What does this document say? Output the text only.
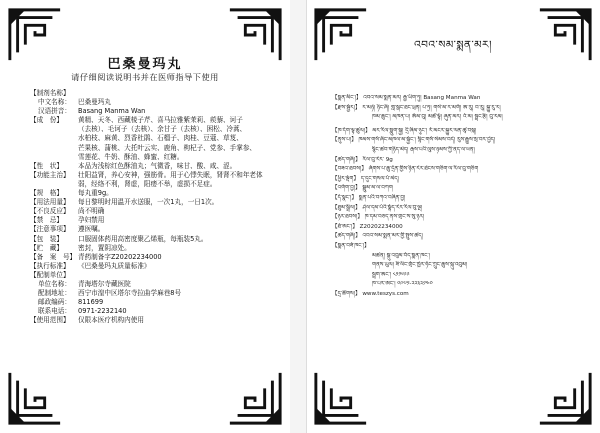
巴桑曼玛丸
请仔细阅读说明书并在医师指导下使用
【制剂名称】
中文名称：	巴桑曼玛丸
汉语拼音：	Basang Manma Wan
【成　份】	黄精、天冬、西藏棱子芹、喜马拉雅紫茉莉、蒺藜、诃子
（去核）、毛诃子（去核）、余甘子（去核）、困松、冷蒿、
水柏枝、麻黄、烈香杜鹃、石榴子、肉桂、豆蔻、草芨、
芒果核、蒲桃、大托叶云实、鹿角、枸杞子、党参、手掌参、
雪莲花、牛奶、酥油、蜂蜜、红糖。
【性　状】	本品为浅棕红色酥油丸；气微香，味甘、酸、咸、涩。
【功能主治】	壮阳益肾，养心安神，强筋骨。用于心悸失眠，肾肾不和年老体
弱，经络不利，肾虚，阳痿不举，虚损不足症。
【规　格】	每丸重9g。
【用法用量】	每日黎明时用温开水送服，一次1丸，一日1次。
【不良反应】	尚不明确
【禁　忌】	孕妇禁用
【注意事项】	遵医嘱。
【包　装】	口服固体药用高密度聚乙烯瓶，每瓶装5丸。
【贮　藏】	密封，置阴凉处。
【备　案　号】 青药制备字Z20202234000
【执行标准】	《巴桑曼玛丸质量标准》
【配制单位】
单位名称：	青海塔尔寺藏医院
配制地址：	西宁市湟中区塔尔寺拉曲学麻巷8号
邮政编码：	811699
联系电话：	0971-2232140
【使用范围】	仅限本医疗机构内使用
འབའ་སམ་སྨན་མར།
【སྨན་མིང་།】 འབའ་སམ་སྨན་མར། རྒྱ་ཡིག་ཏུ། Basang Manma Wan
【རྫས་སྦྱོར།】 ར་མཉེ། ཉིང་ཞི། གླ་སྒང་ཐང་ཕྲན། པ་ཏྲ། གསེ་མ་ར་མགོ། ཨ་རུ། བ་རུ། སྐྱུ་རུ་ར།
ཁམ་ཆུང་། མཁན་པ། ཨོམ་བུ། མཚེ་ལྟོ། ཞུན་མར། འོ་མ། སྦྲང་རྩི། བུ་རམ།
【ཁ་དོག་ལྟ་ཚུལ།】 མར་རིལ་སྨུག་སྐྱ། དྲི་ཞིམ་ཉུང་། རོ་མངར་སྐྱུར་ལན་ཚྭ་བསྐ།
【ནུས་པ།】 ཁམས་གསོ་ཞིང་མཁལ་མ་སྐྱོང་། སྙིང་གསོ་སེམས་བདེ། རུས་རྒྱུས་སྲ་བར་བྱེད།
སྙིང་ཚབ་གཉིད་མེད། རྒས་པའི་ལུས་ཉམས་ཀྱི་ནད་ལ་ཕན།
【ཚད་གཞི།】 རིལ་བུ་རེར་ 9g
【བཟའ་ཐབས།】 ཞོགས་པ་ཆུ་དྲོན་གྱིས་ཉིན་རེར་ཐེངས་གཅིག་ལ་རིལ་བུ་གཅིག
【ཕྱིར་ལྡོག】 ད་དུང་གསལ་པོ་མེད།
【འགོག་བྱ།】 སྦྲུམ་མ་ལ་བཀག
【དོ་སྣང་།】 སྨན་པའི་བཀའ་བཞིན་བྱ།
【ཐུམ་སྒྲིལ།】 ཤེལ་དམ་པོའི་སྣོད་རེར་རིལ་བུ་ལྔ།
【ཉར་ཐབས།】 ཁ་དམ་བཅད་ནས་གྲང་ས་སུ་ཉར།
【ཐོ་ཨང་།】 Z20202234000
【ཚད་གཞི།】 འབའ་སམ་སྨན་མར་གྱི་སྤུས་ཚད།
【སྨན་བཟོ་ཁང་།】
མཚན། སྐུ་འབུམ་བོད་སྨན་ཁང་།
གནས་ཡུལ། ཟི་ལིང་གྲོང་ཁྱེར་ཧོང་ཀྲུང་ཆུས་སྐུ་འབུམ།
སྦྲག་ཨང་། ༨༡༡༦༩༩
ཁ་པར་ཨང་། ༠༩༧༡-༢༢༣༢༡༤༠
【དྲ་ཚིགས།】 www.teszys.com
